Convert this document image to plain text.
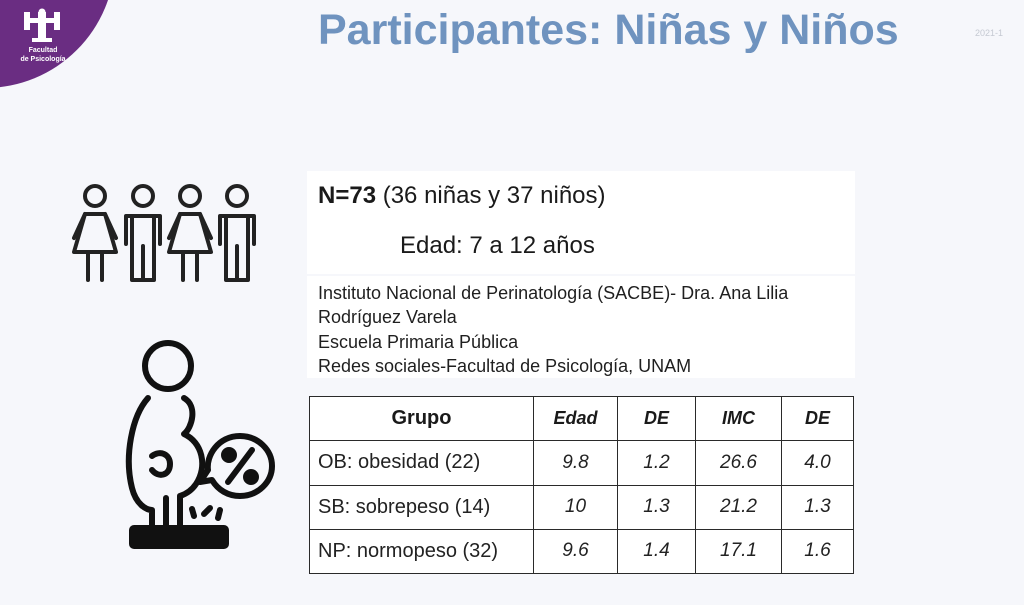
Facultad
de Psicología
Participantes: Niñas y Niños	2021-1
N=73 (36 niñas y 37 niños)
Edad: 7 a 12 años
Instituto Nacional de Perinatología (SACBE)- Dra. Ana Lilia
Rodríguez Varela
Escuela Primaria Pública
Redes sociales-Facultad de Psicología, UNAM
Grupo	Edad	DE	IMC	DE
OB: obesidad (22)	9.8	1.2	26.6	4.0
SB: sobrepeso (14)	10	1.3	21.2	1.3
NP: normopeso (32)	9.6	1.4	17.1	1.6
